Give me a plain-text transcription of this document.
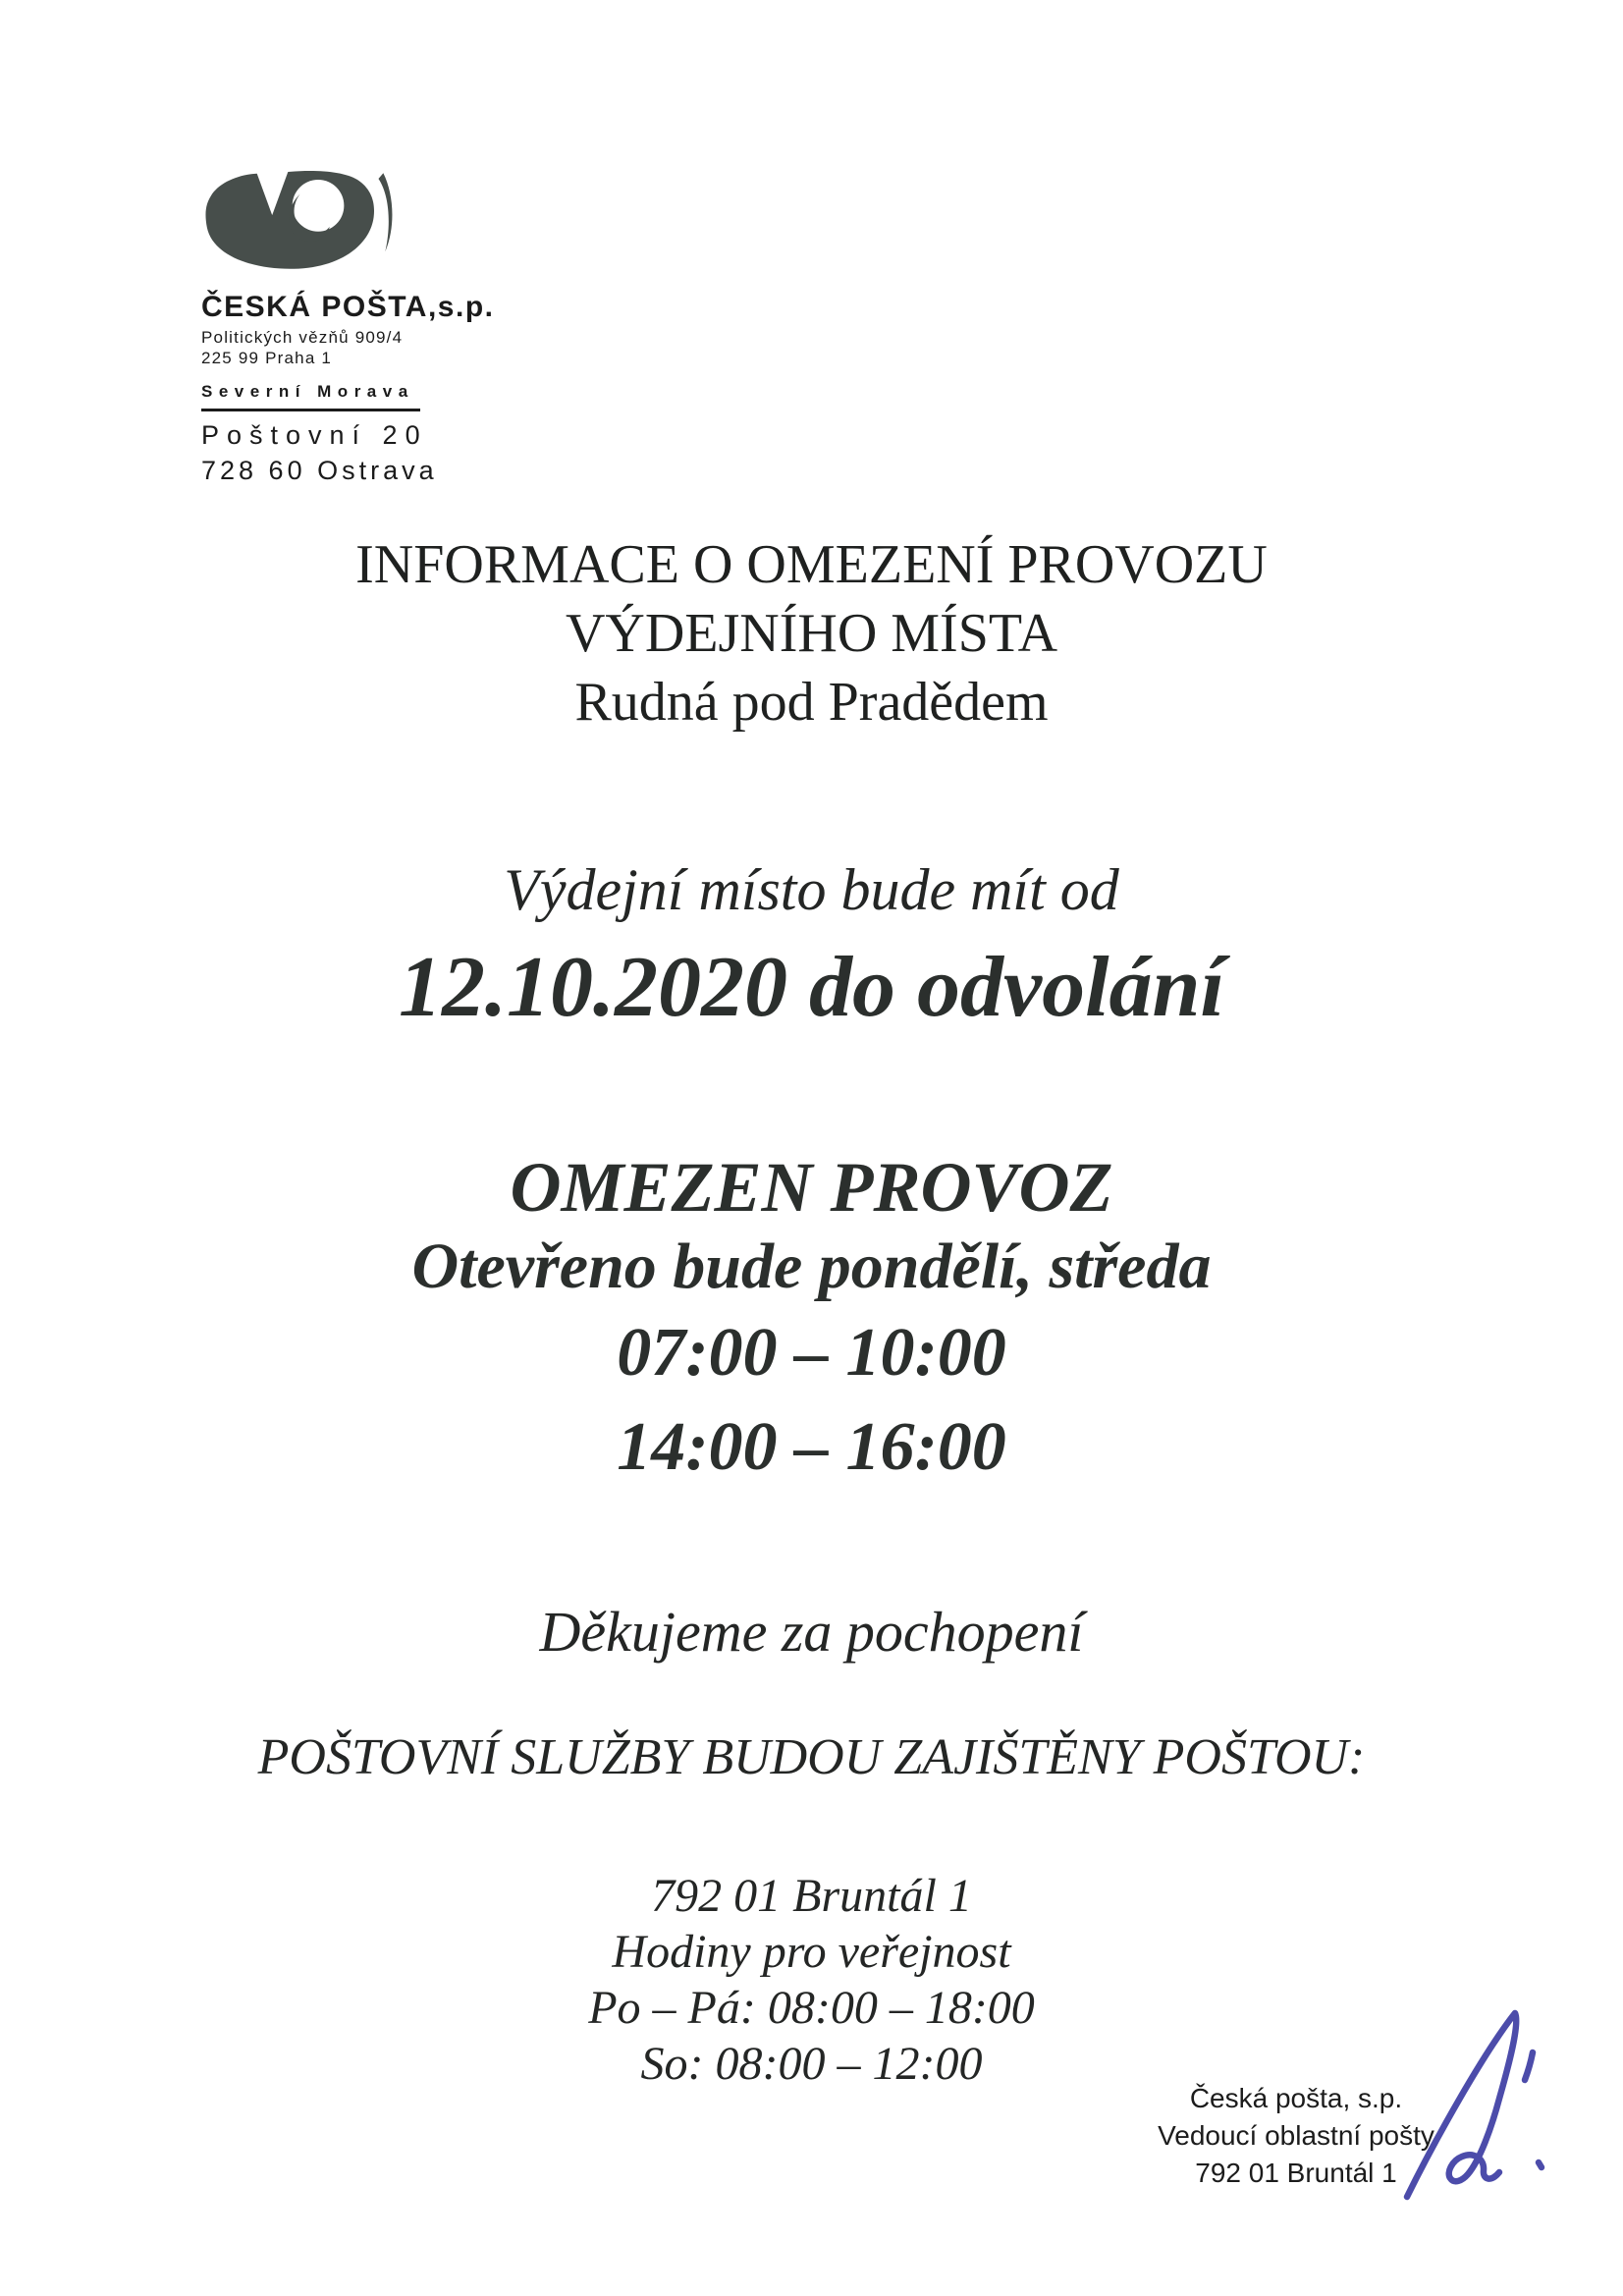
ČESKÁ POŠTA,s.p.
Politických vězňů 909/4
225 99 Praha 1
Severní Morava
Poštovní 20
728 60 Ostrava
INFORMACE O OMEZENÍ PROVOZU
VÝDEJNÍHO MÍSTA
Rudná pod Pradědem
Výdejní místo bude mít od
12.10.2020 do odvolání
OMEZEN PROVOZ
Otevřeno bude pondělí, středa
07:00 – 10:00
14:00 – 16:00
Děkujeme za pochopení
POŠTOVNÍ SLUŽBY BUDOU ZAJIŠTĚNY POŠTOU:
792 01 Bruntál 1
Hodiny pro veřejnost
Po – Pá: 08:00 – 18:00
So: 08:00 – 12:00
Česká pošta, s.p.
Vedoucí oblastní pošty
792 01 Bruntál 1
